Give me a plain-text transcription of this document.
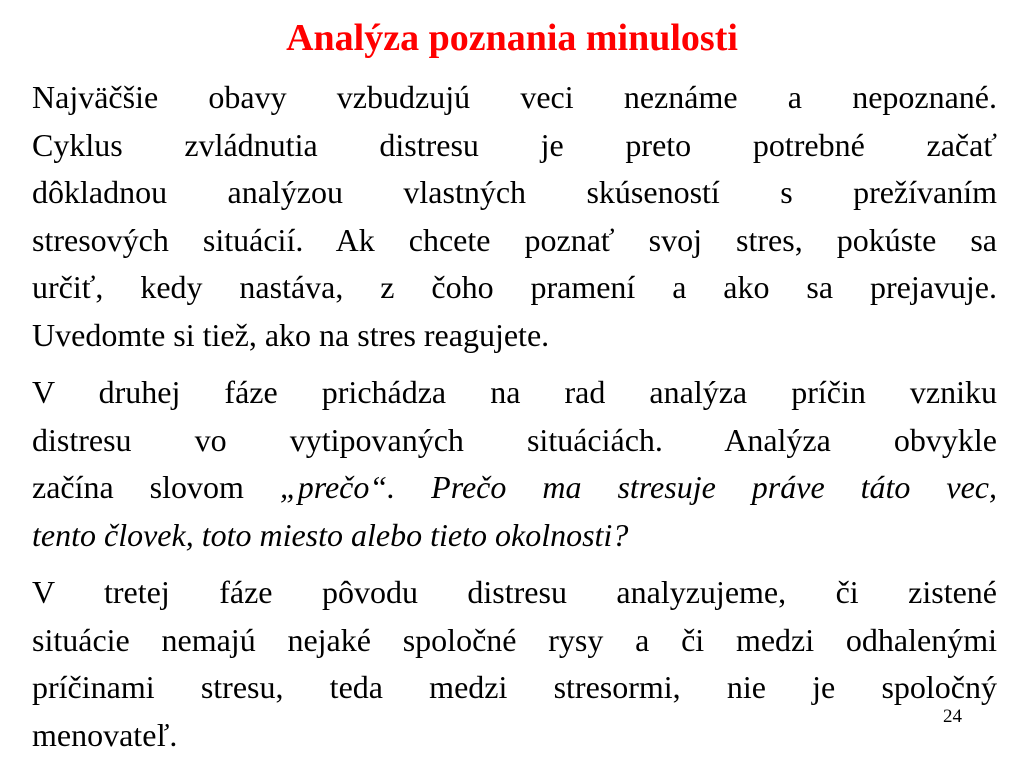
Analýza poznania minulosti
Najväčšie obavy vzbudzujú veci neznáme a nepoznané.
Cyklus zvládnutia distresu je preto potrebné začať
dôkladnou analýzou vlastných skúseností s prežívaním
stresových situácií. Ak chcete poznať svoj stres, pokúste sa
určiť, kedy nastáva, z čoho pramení a ako sa prejavuje.
Uvedomte si tiež, ako na stres reagujete.
V druhej fáze prichádza na rad analýza príčin vzniku
distresu vo vytipovaných situáciách. Analýza obvykle
začína slovom „prečo“. Prečo ma stresuje práve táto vec,
tento človek, toto miesto alebo tieto okolnosti?
V tretej fáze pôvodu distresu analyzujeme, či zistené
situácie nemajú nejaké spoločné rysy a či medzi odhalenými
príčinami stresu, teda medzi stresormi, nie je spoločný
menovateľ.	24
